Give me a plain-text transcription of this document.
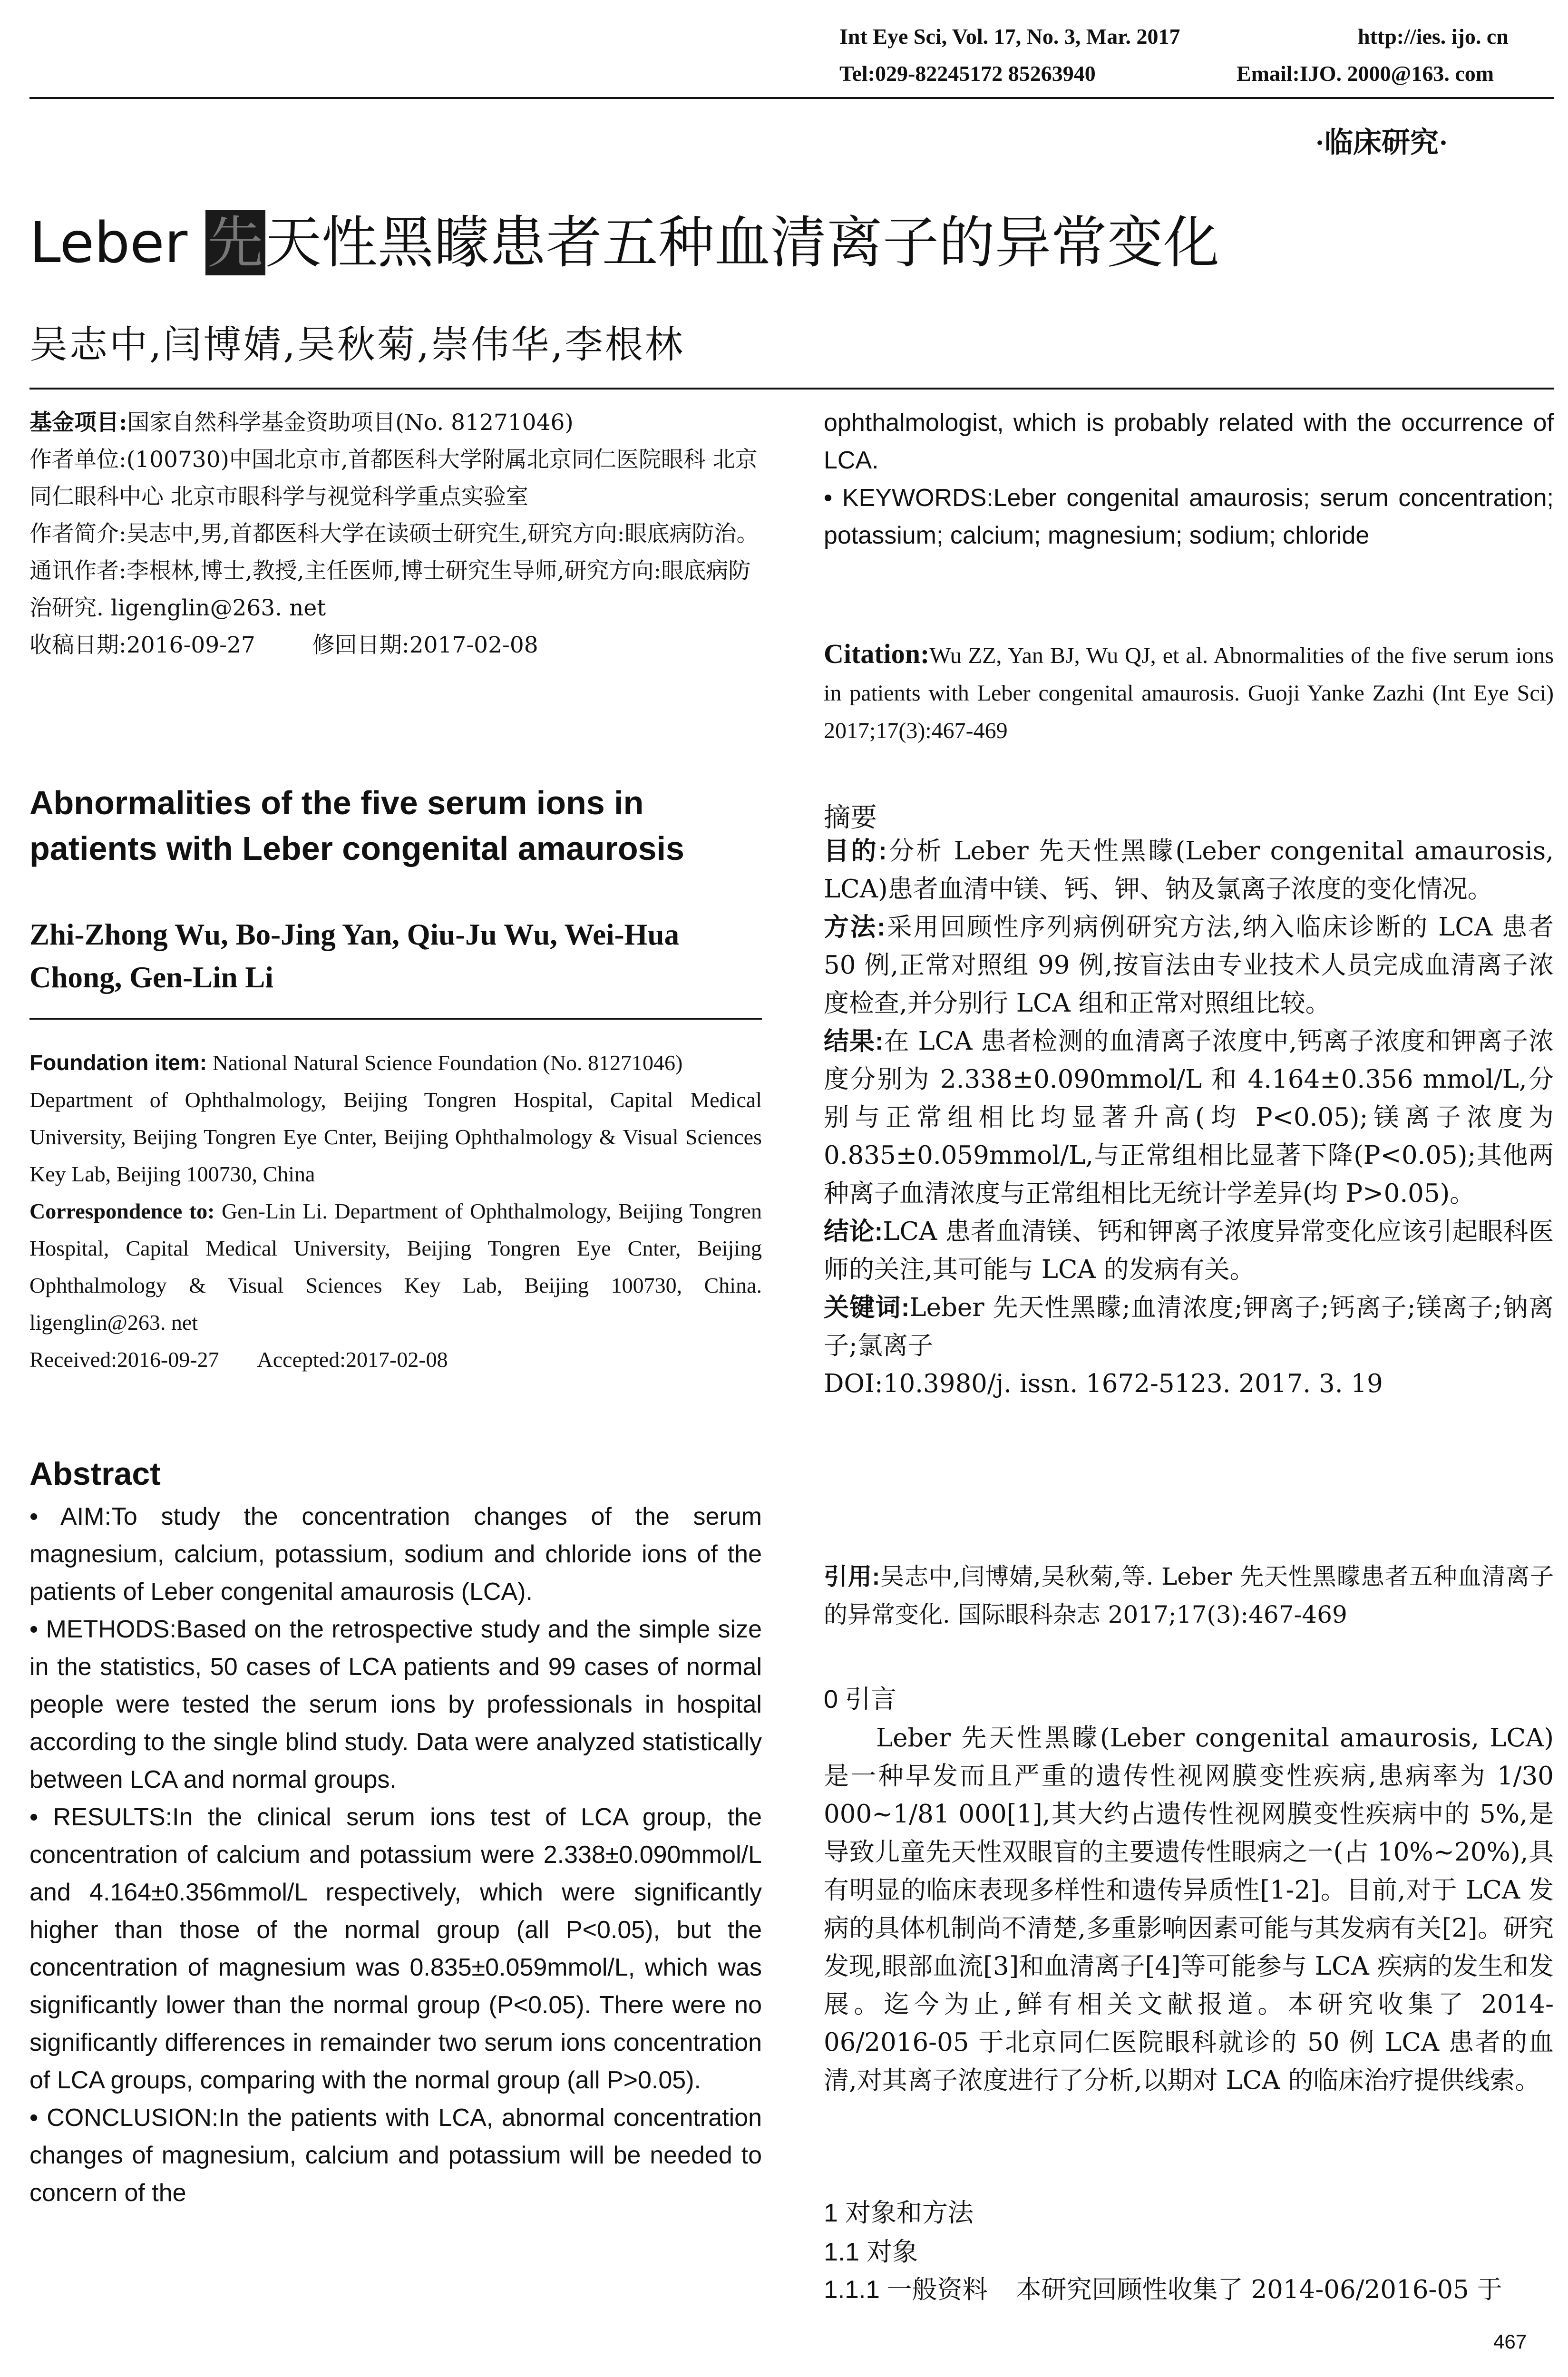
Int Eye Sci, Vol. 17, No. 3, Mar. 2017	http://ies. ijo. cn
Tel:029-82245172 85263940	Email:IJO. 2000@163. com
·临床研究·
Leber 先天性黑矇患者五种血清离子的异常变化
吴志中,闫博婧,吴秋菊,崇伟华,李根林
基金项目:国家自然科学基金资助项目(No. 81271046)
作者单位:(100730)中国北京市,首都医科大学附属北京同仁医院眼科 北京同仁眼科中心 北京市眼科学与视觉科学重点实验室
作者简介:吴志中,男,首都医科大学在读硕士研究生,研究方向:眼底病防治。
通讯作者:李根林,博士,教授,主任医师,博士研究生导师,研究方向:眼底病防治研究. ligenglin@263. net
收稿日期:2016-09-27	修回日期:2017-02-08
Abnormalities of the five serum ions in patients with Leber congenital amaurosis
Zhi-Zhong Wu, Bo-Jing Yan, Qiu-Ju Wu, Wei-Hua Chong, Gen-Lin Li

Foundation item: National Natural Science Foundation (No. 81271046)

Department of Ophthalmology, Beijing Tongren Hospital, Capital Medical University, Beijing Tongren Eye Cnter, Beijing Ophthalmology & Visual Sciences Key Lab, Beijing 100730, China

Correspondence to: Gen-Lin Li. Department of Ophthalmology, Beijing Tongren Hospital, Capital Medical University, Beijing Tongren Eye Cnter, Beijing Ophthalmology & Visual Sciences Key Lab, Beijing 100730, China. ligenglin@263. net

Received:2016-09-27 Accepted:2017-02-08

Abstract

• AIM:To study the concentration changes of the serum magnesium, calcium, potassium, sodium and chloride ions of the patients of Leber congenital amaurosis (LCA).

• METHODS:Based on the retrospective study and the simple size in the statistics, 50 cases of LCA patients and 99 cases of normal people were tested the serum ions by professionals in hospital according to the single blind study. Data were analyzed statistically between LCA and normal groups.

• RESULTS:In the clinical serum ions test of LCA group, the concentration of calcium and potassium were 2.338±0.090mmol/L and 4.164±0.356mmol/L respectively, which were significantly higher than those of the normal group (all P<0.05), but the concentration of magnesium was 0.835±0.059mmol/L, which was significantly lower than the normal group (P<0.05). There were no significantly differences in remainder two serum ions concentration of LCA groups, comparing with the normal group (all P>0.05).

• CONCLUSION:In the patients with LCA, abnormal concentration changes of magnesium, calcium and potassium will be needed to concern of the

ophthalmologist, which is probably related with the occurrence of LCA.

• KEYWORDS:Leber congenital amaurosis; serum concentration; potassium; calcium; magnesium; sodium; chloride

Citation:Wu ZZ, Yan BJ, Wu QJ, et al. Abnormalities of the five serum ions in patients with Leber congenital amaurosis. Guoji Yanke Zazhi (Int Eye Sci) 2017;17(3):467-469
摘要

目的:分析 Leber 先天性黑矇(Leber congenital amaurosis, LCA)患者血清中镁、钙、钾、钠及氯离子浓度的变化情况。

方法:采用回顾性序列病例研究方法,纳入临床诊断的 LCA 患者 50 例,正常对照组 99 例,按盲法由专业技术人员完成血清离子浓度检查,并分别行 LCA 组和正常对照组比较。

结果:在 LCA 患者检测的血清离子浓度中,钙离子浓度和钾离子浓度分别为 2.338±0.090mmol/L 和 4.164±0.356 mmol/L,分别与正常组相比均显著升高(均 P<0.05);镁离子浓度为 0.835±0.059mmol/L,与正常组相比显著下降(P<0.05);其他两种离子血清浓度与正常组相比无统计学差异(均 P>0.05)。

结论:LCA 患者血清镁、钙和钾离子浓度异常变化应该引起眼科医师的关注,其可能与 LCA 的发病有关。

关键词:Leber 先天性黑矇;血清浓度;钾离子;钙离子;镁离子;钠离子;氯离子

DOI:10.3980/j. issn. 1672-5123. 2017. 3. 19

引用:吴志中,闫博婧,吴秋菊,等. Leber 先天性黑矇患者五种血清离子的异常变化. 国际眼科杂志 2017;17(3):467-469
0 引言
Leber 先天性黑矇(Leber congenital amaurosis, LCA)是一种早发而且严重的遗传性视网膜变性疾病,患病率为 1/30 000~1/81 000[1],其大约占遗传性视网膜变性疾病中的 5%,是导致儿童先天性双眼盲的主要遗传性眼病之一(占 10%~20%),具有明显的临床表现多样性和遗传异质性[1-2]。目前,对于 LCA 发病的具体机制尚不清楚,多重影响因素可能与其发病有关[2]。研究发现,眼部血流[3]和血清离子[4]等可能参与 LCA 疾病的发生和发展。迄今为止,鲜有相关文献报道。本研究收集了 2014-06/2016-05 于北京同仁医院眼科就诊的 50 例 LCA 患者的血清,对其离子浓度进行了分析,以期对 LCA 的临床治疗提供线索。
1 对象和方法
1.1 对象
1.1.1 一般资料 本研究回顾性收集了 2014-06/2016-05 于
467
